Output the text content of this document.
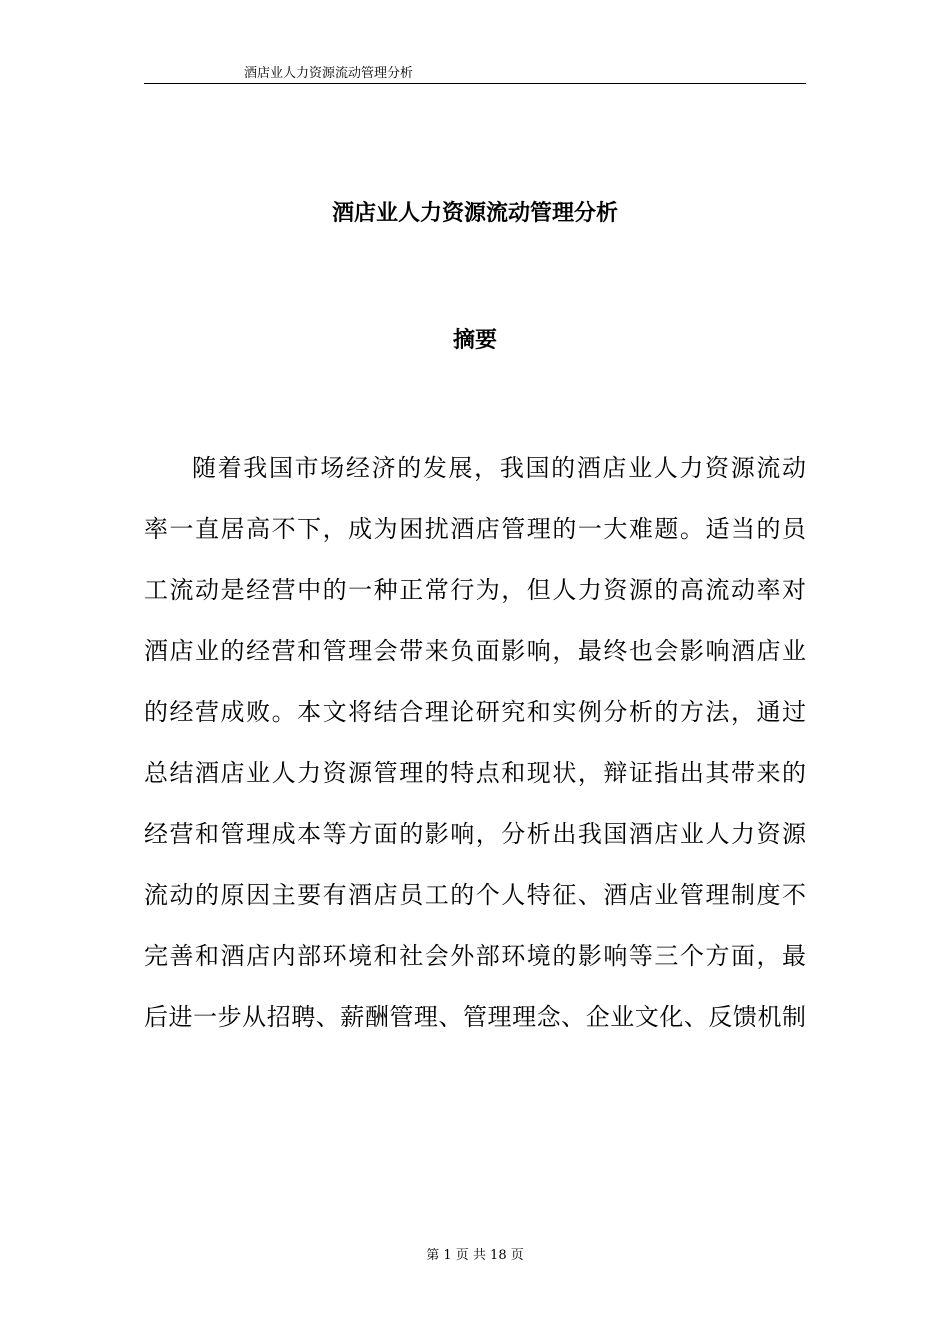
酒店业人力资源流动管理分析
酒店业人力资源流动管理分析
摘要
随着我国市场经济的发展，我国的酒店业人力资源流动
率一直居高不下，成为困扰酒店管理的一大难题。适当的员
工流动是经营中的一种正常行为，但人力资源的高流动率对
酒店业的经营和管理会带来负面影响，最终也会影响酒店业
的经营成败。本文将结合理论研究和实例分析的方法，通过
总结酒店业人力资源管理的特点和现状，辩证指出其带来的
经营和管理成本等方面的影响，分析出我国酒店业人力资源
流动的原因主要有酒店员工的个人特征、酒店业管理制度不
完善和酒店内部环境和社会外部环境的影响等三个方面，最
后进一步从招聘、薪酬管理、管理理念、企业文化、反馈机制
第 1 页 共 18 页
